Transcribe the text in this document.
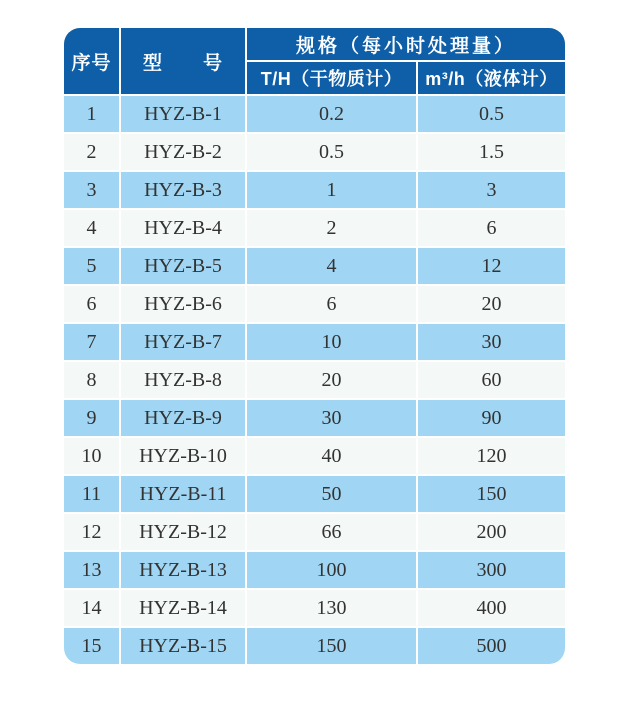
序号	型　　号
规格（每小时处理量）
T/H（干物质计）	m³/h（液体计）
1	HYZ-B-1	0.2	0.5
2	HYZ-B-2	0.5	1.5
3	HYZ-B-3	1	3
4	HYZ-B-4	2	6
5	HYZ-B-5	4	12
6	HYZ-B-6	6	20
7	HYZ-B-7	10	30
8	HYZ-B-8	20	60
9	HYZ-B-9	30	90
10	HYZ-B-10	40	120
11	HYZ-B-11	50	150
12	HYZ-B-12	66	200
13	HYZ-B-13	100	300
14	HYZ-B-14	130	400
15	HYZ-B-15	150	500
